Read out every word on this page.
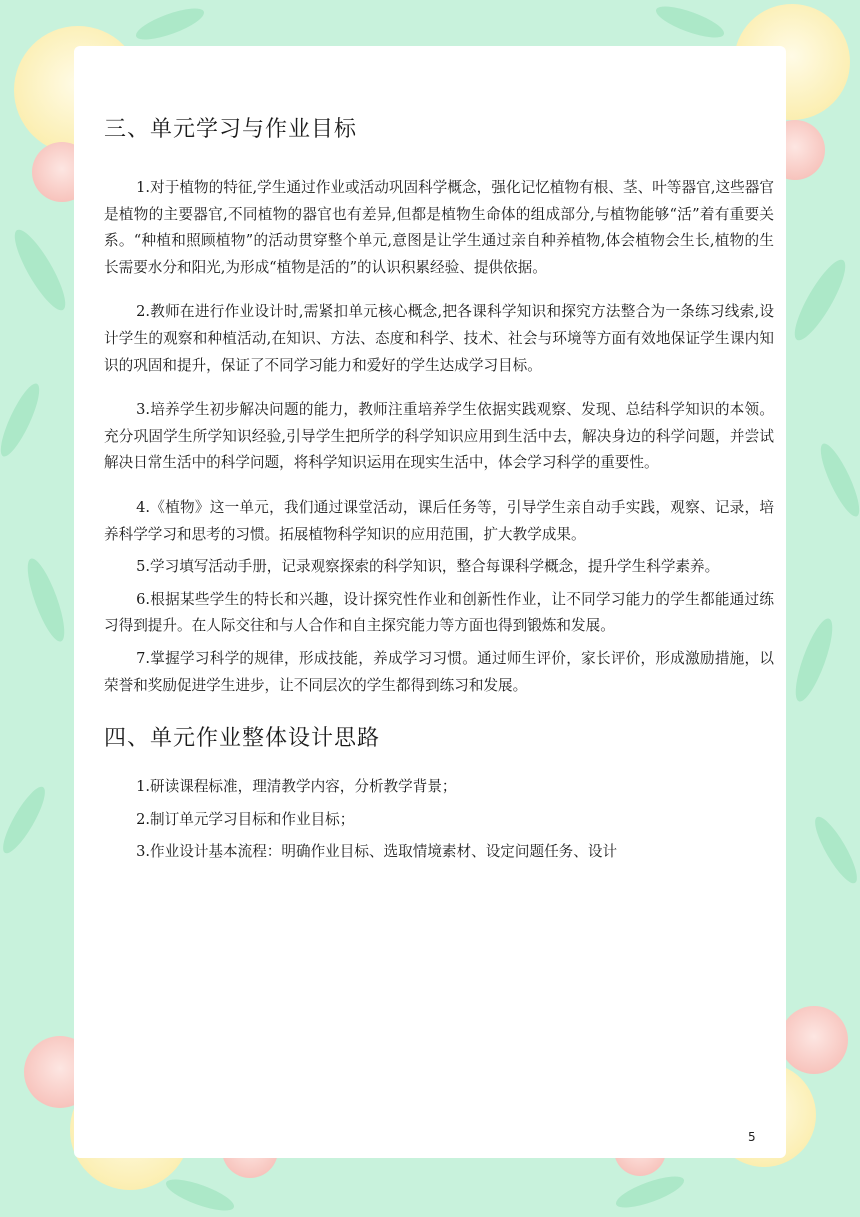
三、单元学习与作业目标

1.对于植物的特征,学生通过作业或活动巩固科学概念，强化记忆植物有根、茎、叶等器官,这些器官是植物的主要器官,不同植物的器官也有差异,但都是植物生命体的组成部分,与植物能够“活”着有重要关系。“种植和照顾植物”的活动贯穿整个单元,意图是让学生通过亲自种养植物,体会植物会生长,植物的生长需要水分和阳光,为形成“植物是活的”的认识积累经验、提供依据。

2.教师在进行作业设计时,需紧扣单元核心概念,把各课科学知识和探究方法整合为一条练习线索,设计学生的观察和种植活动,在知识、方法、态度和科学、技术、社会与环境等方面有效地保证学生课内知识的巩固和提升，保证了不同学习能力和爱好的学生达成学习目标。

3.培养学生初步解决问题的能力，教师注重培养学生依据实践观察、发现、总结科学知识的本领。充分巩固学生所学知识经验,引导学生把所学的科学知识应用到生活中去，解决身边的科学问题，并尝试解决日常生活中的科学问题，将科学知识运用在现实生活中，体会学习科学的重要性。

4.《植物》这一单元，我们通过课堂活动，课后任务等，引导学生亲自动手实践，观察、记录，培养科学学习和思考的习惯。拓展植物科学知识的应用范围，扩大教学成果。

5.学习填写活动手册，记录观察探索的科学知识，整合每课科学概念，提升学生科学素养。

6.根据某些学生的特长和兴趣，设计探究性作业和创新性作业，让不同学习能力的学生都能通过练习得到提升。在人际交往和与人合作和自主探究能力等方面也得到锻炼和发展。

7.掌握学习科学的规律，形成技能，养成学习习惯。通过师生评价，家长评价，形成激励措施，以荣誉和奖励促进学生进步，让不同层次的学生都得到练习和发展。

四、单元作业整体设计思路

1.研读课程标准，理清教学内容，分析教学背景；

2.制订单元学习目标和作业目标；

3.作业设计基本流程：明确作业目标、选取情境素材、设定问题任务、设计

5
